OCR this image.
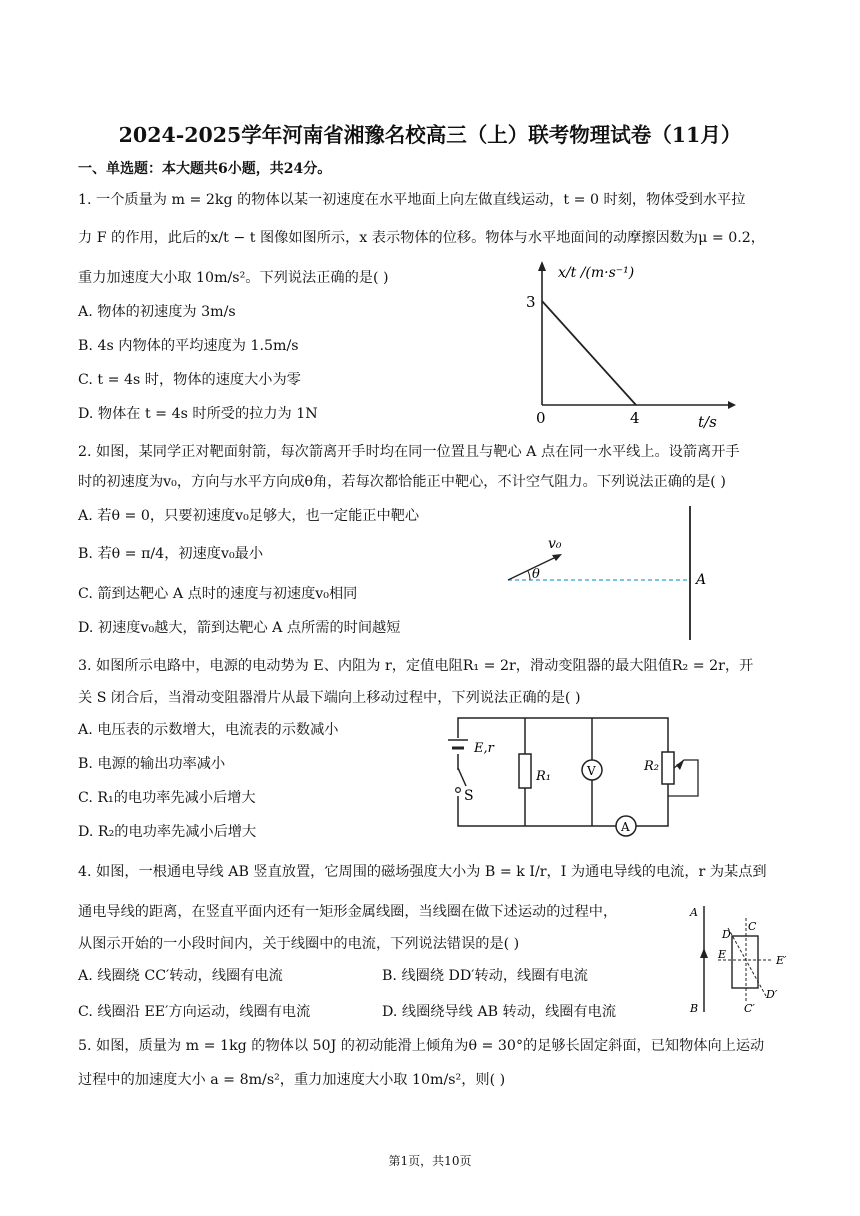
2024-2025学年河南省湘豫名校高三（上）联考物理试卷（11月）
一、单选题：本大题共6小题，共24分。
1. 一个质量为 m = 2kg 的物体以某一初速度在水平地面上向左做直线运动，t = 0 时刻，物体受到水平拉
力 F 的作用，此后的x/t − t 图像如图所示，x 表示物体的位移。物体与水平地面间的动摩擦因数为μ = 0.2，
重力加速度大小取 10m/s²。下列说法正确的是( )
A. 物体的初速度为 3m/s
B. 4s 内物体的平均速度为 1.5m/s
C. t = 4s 时，物体的速度大小为零
D. 物体在 t = 4s 时所受的拉力为 1N
x/t /(m·s⁻¹)
3
0	4	t/s
2. 如图，某同学正对靶面射箭，每次箭离开手时均在同一位置且与靶心 A 点在同一水平线上。设箭离开手
时的初速度为v₀，方向与水平方向成θ角，若每次都恰能正中靶心，不计空气阻力。下列说法正确的是( )
A. 若θ = 0，只要初速度v₀足够大，也一定能正中靶心
B. 若θ = π/4，初速度v₀最小
C. 箭到达靶心 A 点时的速度与初速度v₀相同
D. 初速度v₀越大，箭到达靶心 A 点所需的时间越短
v₀
θ	A
3. 如图所示电路中，电源的电动势为 E、内阻为 r，定值电阻R₁ = 2r，滑动变阻器的最大阻值R₂ = 2r，开
关 S 闭合后，当滑动变阻器滑片从最下端向上移动过程中，下列说法正确的是( )
A. 电压表的示数增大，电流表的示数减小
B. 电源的输出功率减小
C. R₁的电功率先减小后增大
D. R₂的电功率先减小后增大
E,r
S
R₁	V	R₂
A
4. 如图，一根通电导线 AB 竖直放置，它周围的磁场强度大小为 B = k I/r，I 为通电导线的电流，r 为某点到
通电导线的距离，在竖直平面内还有一矩形金属线圈，当线圈在做下述运动的过程中，
从图示开始的一小段时间内，关于线圈中的电流，下列说法错误的是( )
A. 线圈绕 CC′转动，线圈有电流	B. 线圈绕 DD′转动，线圈有电流
C. 线圈沿 EE′方向运动，线圈有电流	D. 线圈绕导线 AB 转动，线圈有电流
A
B
C
C′
D
D′
E	E′
5. 如图，质量为 m = 1kg 的物体以 50J 的初动能滑上倾角为θ = 30°的足够长固定斜面，已知物体向上运动
过程中的加速度大小 a = 8m/s²，重力加速度大小取 10m/s²，则( )
第1页，共10页
